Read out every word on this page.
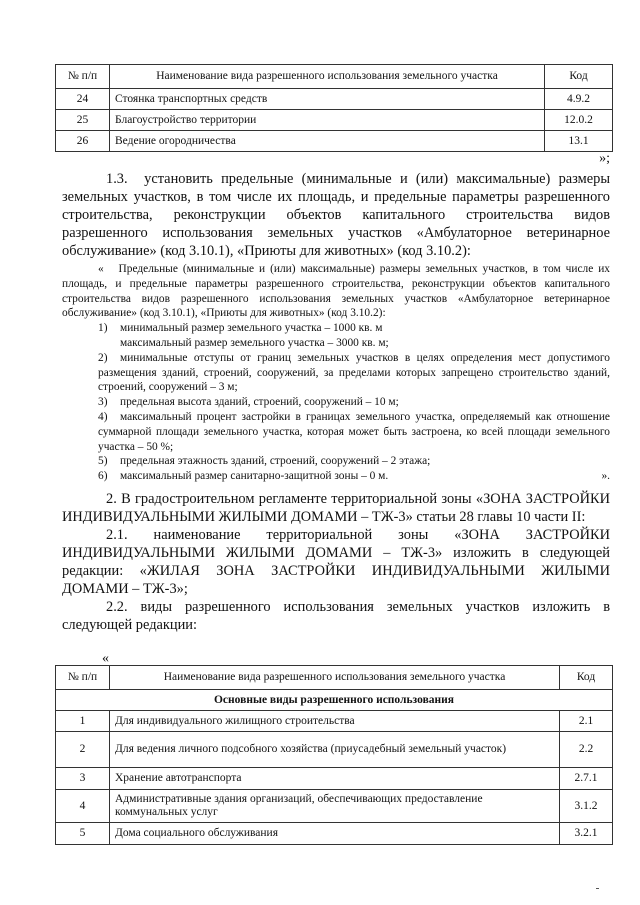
№ п/п	Наименование вида разрешенного использования земельного участка	Код
24	Стоянка транспортных средств	4.9.2
25	Благоустройство территории	12.0.2
26	Ведение огородничества	13.1
»;

1.3.  установить предельные (минимальные и (или) максимальные) размеры земельных участков, в том числе их площадь, и предельные параметры разрешенного строительства, реконструкции объектов капитального строительства видов разрешенного использования земельных участков «Амбулаторное ветеринарное обслуживание» (код 3.10.1), «Приюты для животных» (код 3.10.2):

«   Предельные (минимальные и (или) максимальные) размеры земельных участков, в том числе их площадь, и предельные параметры разрешенного строительства, реконструкции объектов капитального строительства видов разрешенного использования земельных участков «Амбулаторное ветеринарное обслуживание» (код 3.10.1), «Приюты для животных» (код 3.10.2):

1) минимальный размер земельного участка – 1000 кв. м

максимальный размер земельного участка – 3000 кв. м;

2) минимальные отступы от границ земельных участков в целях определения мест допустимого размещения зданий, строений, сооружений, за пределами которых запрещено строительство зданий, строений, сооружений – 3 м;

3) предельная высота зданий, строений, сооружений – 10 м;

4) максимальный процент застройки в границах земельного участка, определяемый как отношение суммарной площади земельного участка, которая может быть застроена, ко всей площади земельного участка – 50 %;

5) предельная этажность зданий, строений, сооружений – 2 этажа;

6) максимальный размер санитарно-защитной зоны – 0 м.	».

2. В градостроительном регламенте территориальной зоны «ЗОНА ЗАСТРОЙКИ ИНДИВИДУАЛЬНЫМИ ЖИЛЫМИ ДОМАМИ – ТЖ-3» статьи 28 главы 10 части II:

2.1. наименование территориальной зоны «ЗОНА ЗАСТРОЙКИ ИНДИВИДУАЛЬНЫМИ ЖИЛЫМИ ДОМАМИ – ТЖ-3» изложить в следующей редакции: «ЖИЛАЯ ЗОНА ЗАСТРОЙКИ ИНДИВИДУАЛЬНЫМИ ЖИЛЫМИ ДОМАМИ – ТЖ-3»;

2.2. виды разрешенного использования земельных участков изложить в следующей редакции:

«
№ п/п	Наименование вида разрешенного использования земельного участка	Код
Основные виды разрешенного использования		
1	Для индивидуального жилищного строительства	2.1
2	Для ведения личного подсобного хозяйства (приусадебный земельный участок)	2.2
3	Хранение автотранспорта	2.7.1
4	Административные здания организаций, обеспечивающих предоставление коммунальных услуг	3.1.2
5	Дома социального обслуживания	3.2.1
